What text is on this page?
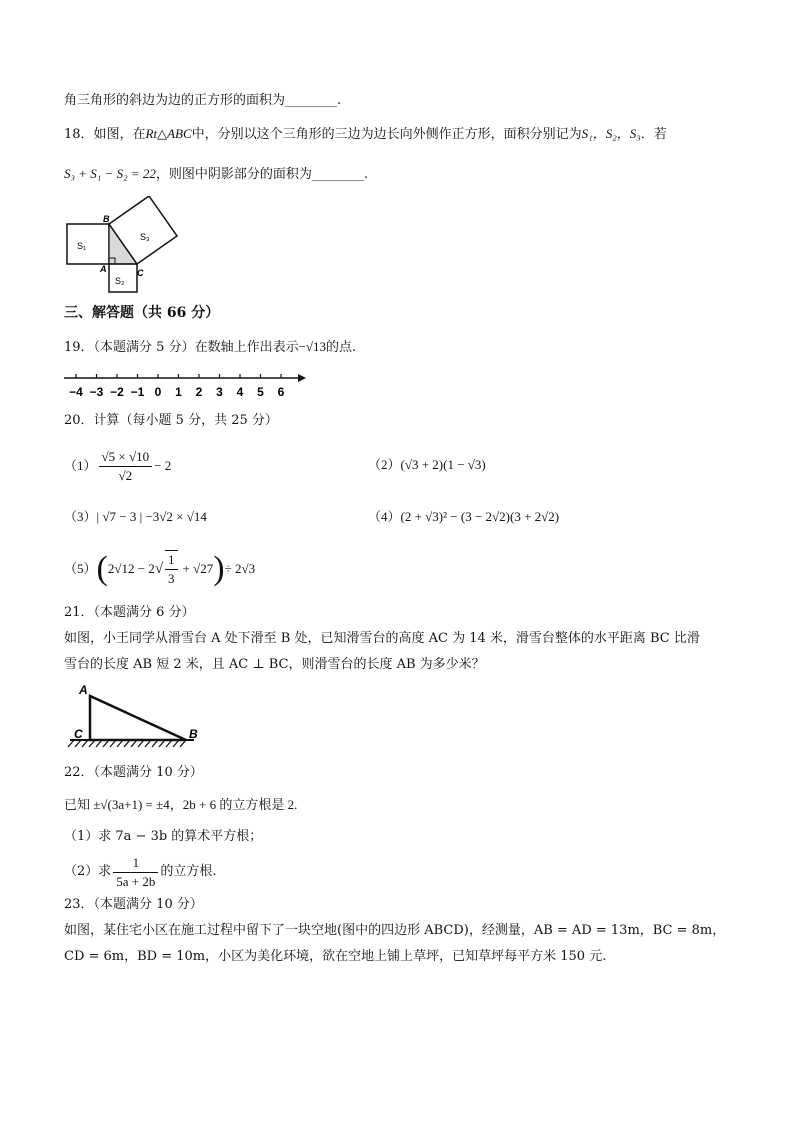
角三角形的斜边为边的正方形的面积为________.
18．如图，在Rt△ABC中，分别以这个三角形的三边为边长向外侧作正方形，面积分别记为S₁，S₂，S₃．若
S₃ + S₁ − S₂ = 22，则图中阴影部分的面积为________.
B
A	C
S₁
S₂
S₃
三、解答题（共 66 分）
19．（本题满分 5 分）在数轴上作出表示−√13的点.
−4 −3 −2 −1 0 1 2 3 4 5 6
20．计算（每小题 5 分，共 25 分）
$(1) \frac{√5 \times √10}{√2} - 2$	（2）(√3 + 2)(1 − √3)
（3）| √7 − 3 | −3√2 × √14	（4）(2 + √3)² − (3 − 2√2)(3 + 2√2)
（5） ( 2√12 − 2 √ $\frac{1}{3} + √27$ ) ÷ 2√3
21．（本题满分 6 分）
如图，小王同学从滑雪台 A 处下滑至 B 处，已知滑雪台的高度 AC 为 14 米，滑雪台整体的水平距离 BC 比滑
雪台的长度 AB 短 2 米，且 AC ⊥ BC，则滑雪台的长度 AB 为多少米？
A
C	B
22．（本题满分 10 分）
已知 ±√(3a+1) = ±4，2b + 6 的立方根是 2.
（1）求 7a − 3b 的算术平方根；
（2）求 $\frac{1}{5a + 2b}$ 的立方根.
23．（本题满分 10 分）
如图，某住宅小区在施工过程中留下了一块空地(图中的四边形 ABCD)，经测量，AB = AD = 13m，BC = 8m，
CD = 6m，BD = 10m，小区为美化环境，欲在空地上铺上草坪，已知草坪每平方米 150 元.
